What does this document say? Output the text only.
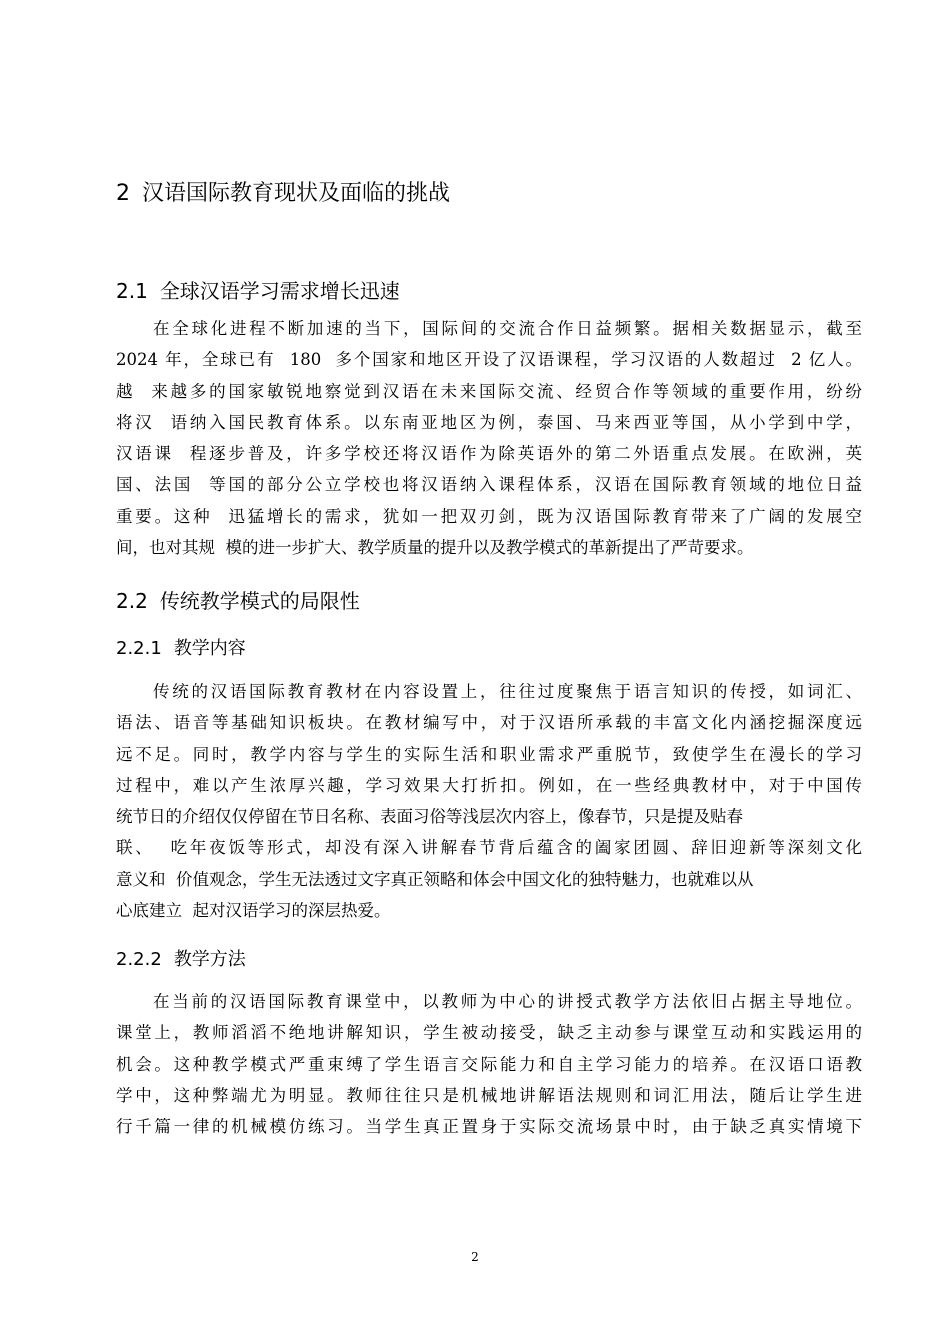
2 汉语国际教育现状及面临的挑战
2.1 全球汉语学习需求增长迅速
在全球化进程不断加速的当下，国际间的交流合作日益频繁。据相关数据显示，截至
2024 年，全球已有  180  多个国家和地区开设了汉语课程，学习汉语的人数超过  2 亿人。
越  来越多的国家敏锐地察觉到汉语在未来国际交流、经贸合作等领域的重要作用，纷纷
将汉  语纳入国民教育体系。以东南亚地区为例，泰国、马来西亚等国，从小学到中学，
汉语课  程逐步普及，许多学校还将汉语作为除英语外的第二外语重点发展。在欧洲，英
国、法国  等国的部分公立学校也将汉语纳入课程体系，汉语在国际教育领域的地位日益
重要。这种  迅猛增长的需求，犹如一把双刃剑，既为汉语国际教育带来了广阔的发展空
间，也对其规  模的进一步扩大、教学质量的提升以及教学模式的革新提出了严苛要求。
2.2 传统教学模式的局限性
2.2.1 教学内容
传统的汉语国际教育教材在内容设置上，往往过度聚焦于语言知识的传授，如词汇、
语法、语音等基础知识板块。在教材编写中，对于汉语所承载的丰富文化内涵挖掘深度远
远不足。同时，教学内容与学生的实际生活和职业需求严重脱节，致使学生在漫长的学习
过程中，难以产生浓厚兴趣，学习效果大打折扣。例如，在一些经典教材中，对于中国传
统节日的介绍仅仅停留在节日名称、表面习俗等浅层次内容上，像春节，只是提及贴春
联、  吃年夜饭等形式，却没有深入讲解春节背后蕴含的阖家团圆、辞旧迎新等深刻文化
意义和  价值观念，学生无法透过文字真正领略和体会中国文化的独特魅力，也就难以从
心底建立  起对汉语学习的深层热爱。
2.2.2 教学方法
在当前的汉语国际教育课堂中，以教师为中心的讲授式教学方法依旧占据主导地位。
课堂上，教师滔滔不绝地讲解知识，学生被动接受，缺乏主动参与课堂互动和实践运用的
机会。这种教学模式严重束缚了学生语言交际能力和自主学习能力的培养。在汉语口语教
学中，这种弊端尤为明显。教师往往只是机械地讲解语法规则和词汇用法，随后让学生进
行千篇一律的机械模仿练习。当学生真正置身于实际交流场景中时，由于缺乏真实情境下
2
